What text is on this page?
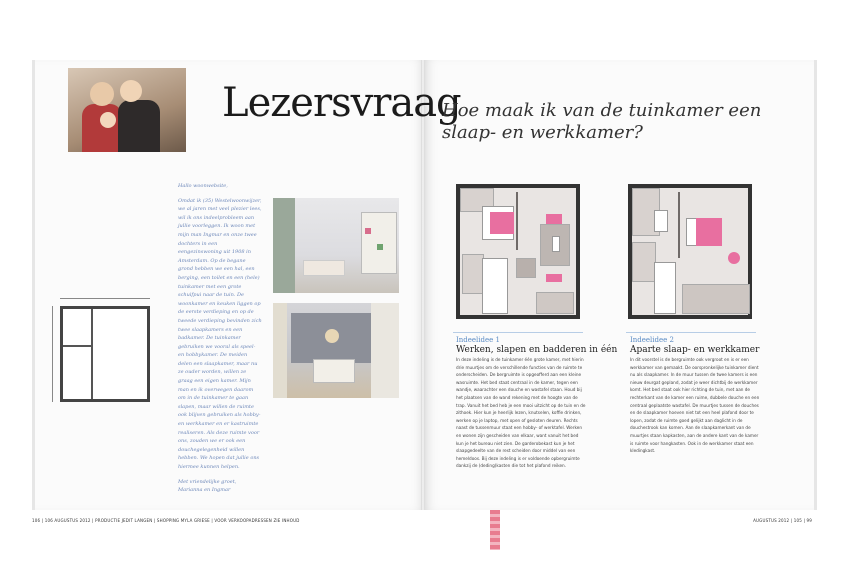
Lezersvraag
Hoe maak ik van de tuinkamer een slaap- en werkkamer?

Hallo woonwebsite,

Omdat ik (35) Westelwoonwijzer, we al jaren met veel plezier lees, wil ik ons indeelprobleem aan jullie voorleggen. Ik woon met mijn man Ingmar en onze twee dochters in een eengezinswoning uit 1908 in Amsterdam. Op de begane grond hebben we een hal, een berging, een toilet en een (hele) tuinkamer met een grote schuifpui naar de tuin. De woonkamer en keuken liggen op de eerste verdieping en op de tweede verdieping bevinden zich twee slaapkamers en een badkamer. De tuinkamer gebruiken we vooral als speel- en hobbykamer. De meiden delen een slaapkamer, maar nu ze ouder worden, willen ze graag een eigen kamer. Mijn man en ik overwegen daarom om in de tuinkamer te gaan slapen, maar willen de ruimte ook blijven gebruiken als hobby- en werkkamer en er kastruimte realiseren. Als deze ruimte voor ons, zouden we er ook een douchegelegenheid willen hebben. We hopen dat jullie ons hiermee kunnen helpen.

Met vriendelijke groet,

Marianna en Ingmar

Indeelidee 1
Werken, slapen en badderen in één
In deze indeling is de tuinkamer één grote kamer, met hierin drie muurtjes om de verschillende functies van de ruimte te onderscheiden. De bergruimte is opgeofferd aan een kleine wasruimte. Het bed staat centraal in de kamer, tegen een wandje, waarachter een douche en wastafel staan. Houd bij het plaatsen van de wand rekening met de hoogte van de trap. Vanuit het bed heb je een mooi uitzicht op de tuin en de zithoek. Hier kun je heerlijk lezen, knutselen, koffie drinken, werken op je laptop, met open of gesloten deuren. Rechts naast de tussenmuur staat een hobby- of werktafel. Werken en wonen zijn gescheiden van elkaar, want vanuit het bed kun je het bureau niet zien. De garderobekast kun je het slaapgedeelte van de rest scheiden door middel van een hemeldoos. Bij deze indeling is er voldoende opbergruimte dankzij de (deding)kasten die tot het plafond reiken.
Indeelidee 2
Aparte slaap- en werkkamer
In dit voorstel is de bergruimte ook vergroot en is er een werkkamer van gemaakt. De oorspronkelijke tuinkamer dient nu als slaapkamer. In de muur tussen de twee kamers is een nieuw deurgat gepland, zodat je weer dichtbij de werkkamer komt. Het bed staat ook hier richting de tuin, met aan de rechterkant van de kamer een ruime, dubbele douche en een centraal geplaatste wastafel. De muurtjes tussen de douches en de slaapkamer hoeven niet tot een heel plafond door te lopen, zodat de ruimte goed gelijkt aan daglicht in de douchestrook kan komen. Aan de slaapkamerkant van de muurtjes staan kapkasten, aan de andere kant van de kamer is ruimte voor hangkasten. Ook in de werkkamer staat een kledingkast.
106 | 106 AUGUSTUS 2012 | PRODUCTIE JEDIT LANGEN | SHOPPING MYLA GRIESE | VOOR VERKOOPADRESSEN ZIE INHOUD	AUGUSTUS 2012 | 105 | 99
